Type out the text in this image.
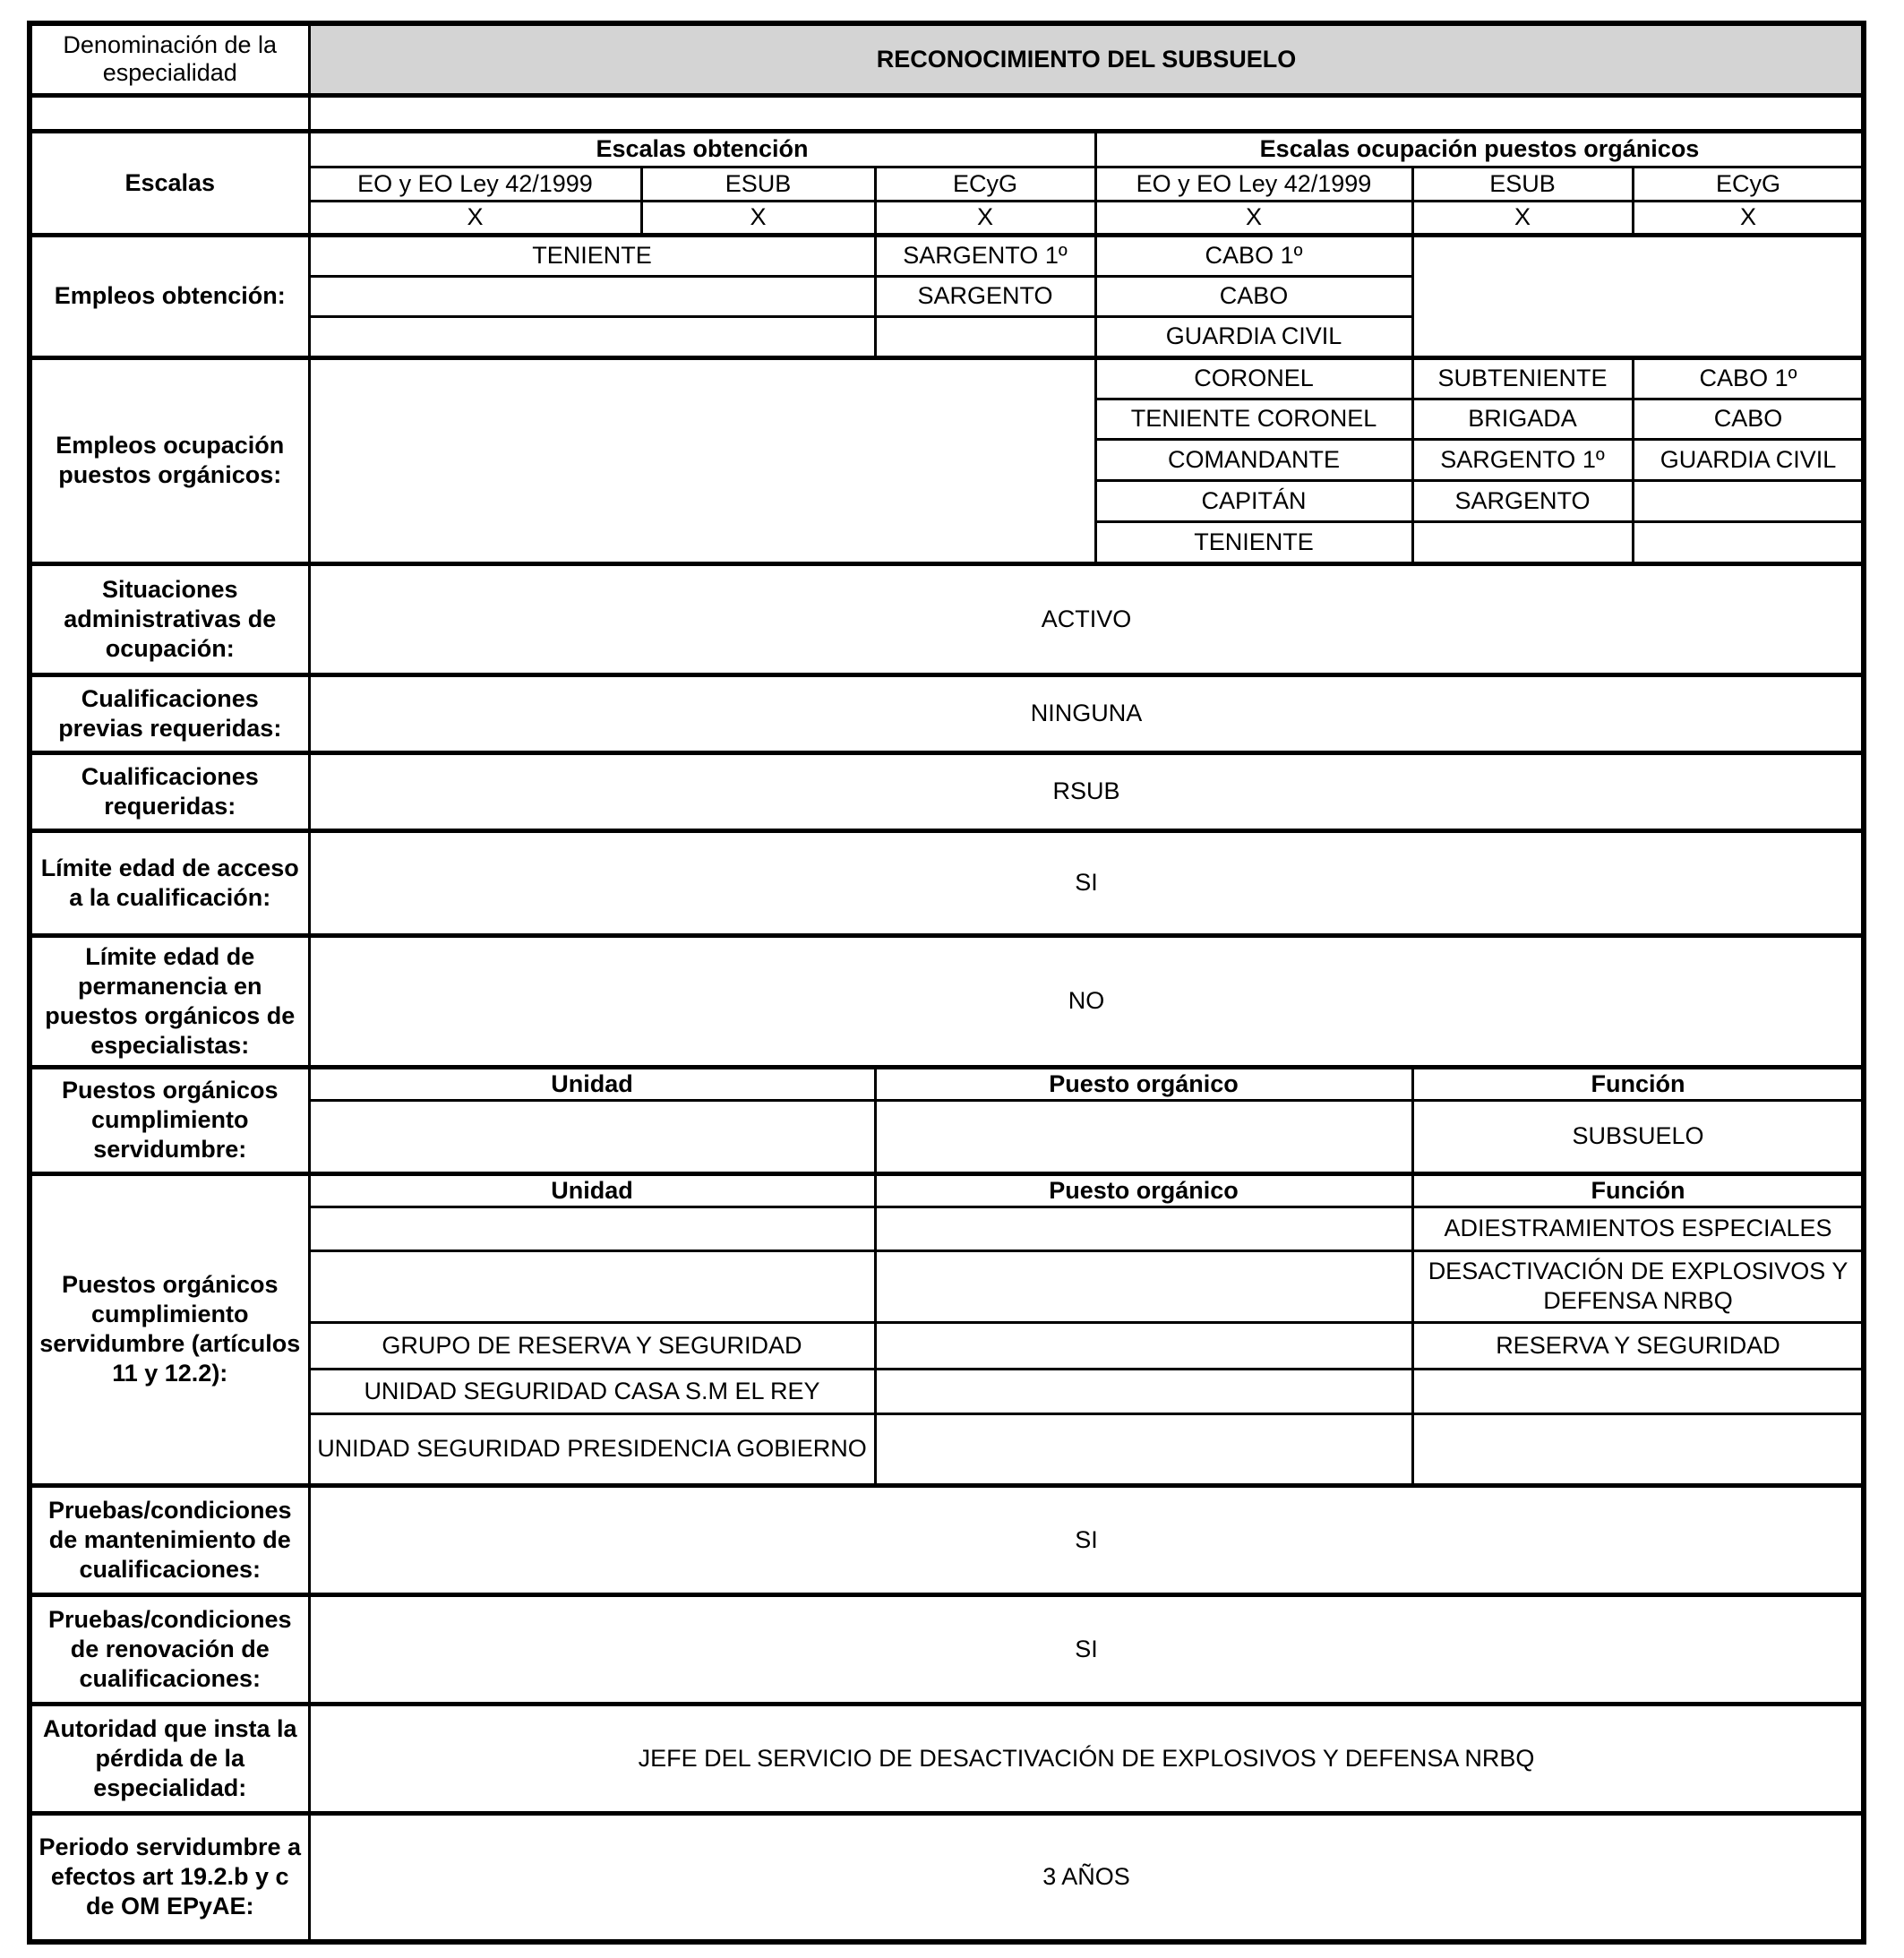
Denominación de la especialidad	RECONOCIMIENTO DEL SUBSUELO					

Escalas	Escalas obtención			Escalas ocupación puestos orgánicos		
	EO y EO Ley 42/1999	ESUB	ECyG	EO y EO Ley 42/1999	ESUB	ECyG
	X	X	X	X	X	X
Empleos obtención:	TENIENTE		SARGENTO 1º	CABO 1º		
			SARGENTO	CABO		
				GUARDIA CIVIL		
Empleos ocupación puestos orgánicos:				CORONEL	SUBTENIENTE	CABO 1º
				TENIENTE CORONEL	BRIGADA	CABO
				COMANDANTE	SARGENTO 1º	GUARDIA CIVIL
				CAPITÁN	SARGENTO	
				TENIENTE		
Situaciones administrativas de ocupación:	ACTIVO					
Cualificaciones previas requeridas:	NINGUNA					
Cualificaciones requeridas:	RSUB					
Límite edad de acceso a la cualificación:	SI					
Límite edad de permanencia en puestos orgánicos de especialistas:	NO					
Puestos orgánicos cumplimiento servidumbre:	Unidad		Puesto orgánico		Función	
					SUBSUELO	
Puestos orgánicos cumplimiento servidumbre (artículos 11 y 12.2):	Unidad		Puesto orgánico		Función	
					ADIESTRAMIENTOS ESPECIALES	
					DESACTIVACIÓN DE EXPLOSIVOS Y DEFENSA NRBQ	
	GRUPO DE RESERVA Y SEGURIDAD				RESERVA Y SEGURIDAD	
	UNIDAD SEGURIDAD CASA S.M EL REY					
	UNIDAD SEGURIDAD PRESIDENCIA GOBIERNO					
Pruebas/condiciones de mantenimiento de cualificaciones:	SI					
Pruebas/condiciones de renovación de cualificaciones:	SI					
Autoridad que insta la pérdida de la especialidad:	JEFE DEL SERVICIO DE DESACTIVACIÓN DE EXPLOSIVOS Y DEFENSA NRBQ					
Periodo servidumbre a efectos art 19.2.b y c de OM EPyAE:	3 AÑOS					
